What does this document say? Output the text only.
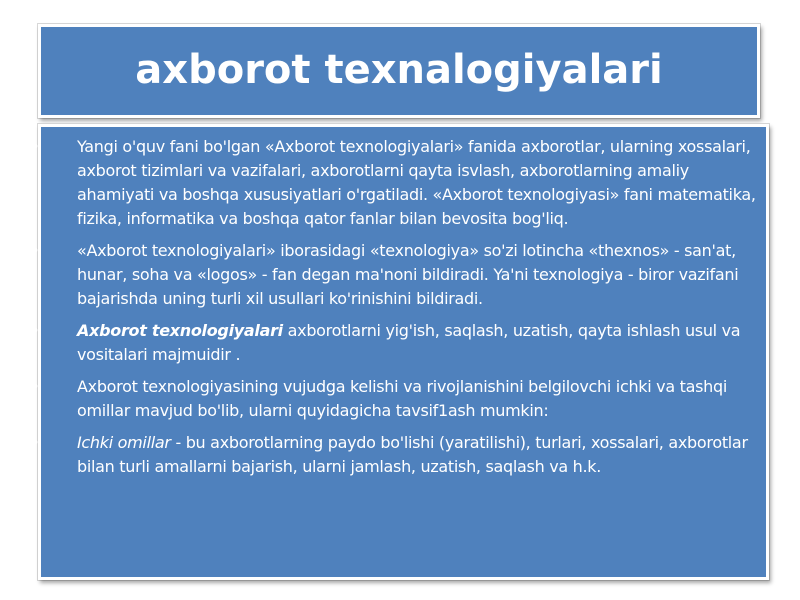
axborot texnalogiyalari
• Yangi o'quv fani bo'lgan «Axborot texnologiyalari» fanida axborotlar, ularning xossalari, axborot tizimlari va vazifalari, axborotlarni qayta isvlash, axborotlarning amaliy ahamiyati va boshqa xususiyatlari o'rgatiladi. «Axborot texnologiyasi» fani matematika, fizika, informatika va boshqa qator fanlar bilan bevosita bog'liq.
• «Axborot texnologiyalari» iborasidagi «texnologiya» so'zi lotincha «thexnos» - san'at, hunar, soha va «logos» - fan degan ma'noni bildiradi. Ya'ni texnologiya - biror vazifani bajarishda uning turli xil usullari ko'rinishini bildiradi.
• Axborot texnologiyalari axborotlarni yig'ish, saqlash, uzatish, qayta ishlash usul va vositalari majmuidir .
• Axborot texnologiyasining vujudga kelishi va rivojlanishini belgilovchi ichki va tashqi omillar mavjud bo'lib, ularni quyidagicha tavsif1ash mumkin:
• Ichki omillar - bu axborotlarning paydo bo'lishi (yaratilishi), turlari, xossalari, axborotlar bilan turli amallarni bajarish, ularni jamlash, uzatish, saqlash va h.k.
